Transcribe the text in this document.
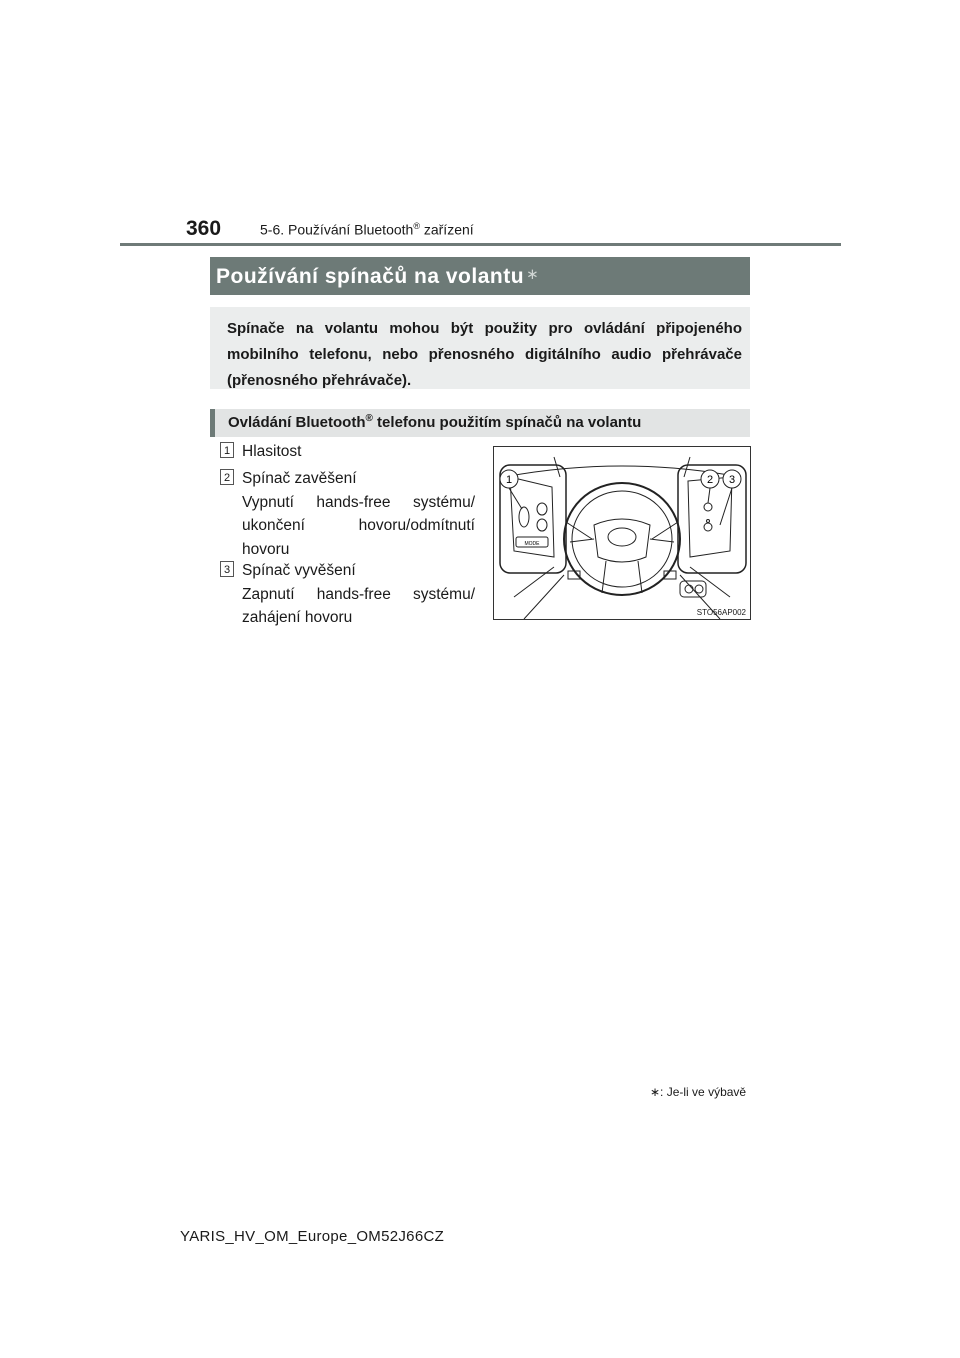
360	5-6. Používání Bluetooth® zařízení
Používání spínačů na volantu ∗

Spínače na volantu mohou být použity pro ovládání připojeného mobilního telefonu, nebo přenosného digitálního audio přehrávače (přenosného přehrávače).

Ovládání Bluetooth® telefonu použitím spínačů na volantu
1 Hlasitost
2 Spínač zavěšení
Vypnutí hands-free systému/ ukončení hovoru/odmítnutí hovoru
3 Spínač vyvěšení
Zapnutí hands-free systému/ zahájení hovoru
1	2 3
MODE
STO56AP002
∗: Je-li ve výbavě
YARIS_HV_OM_Europe_OM52J66CZ
